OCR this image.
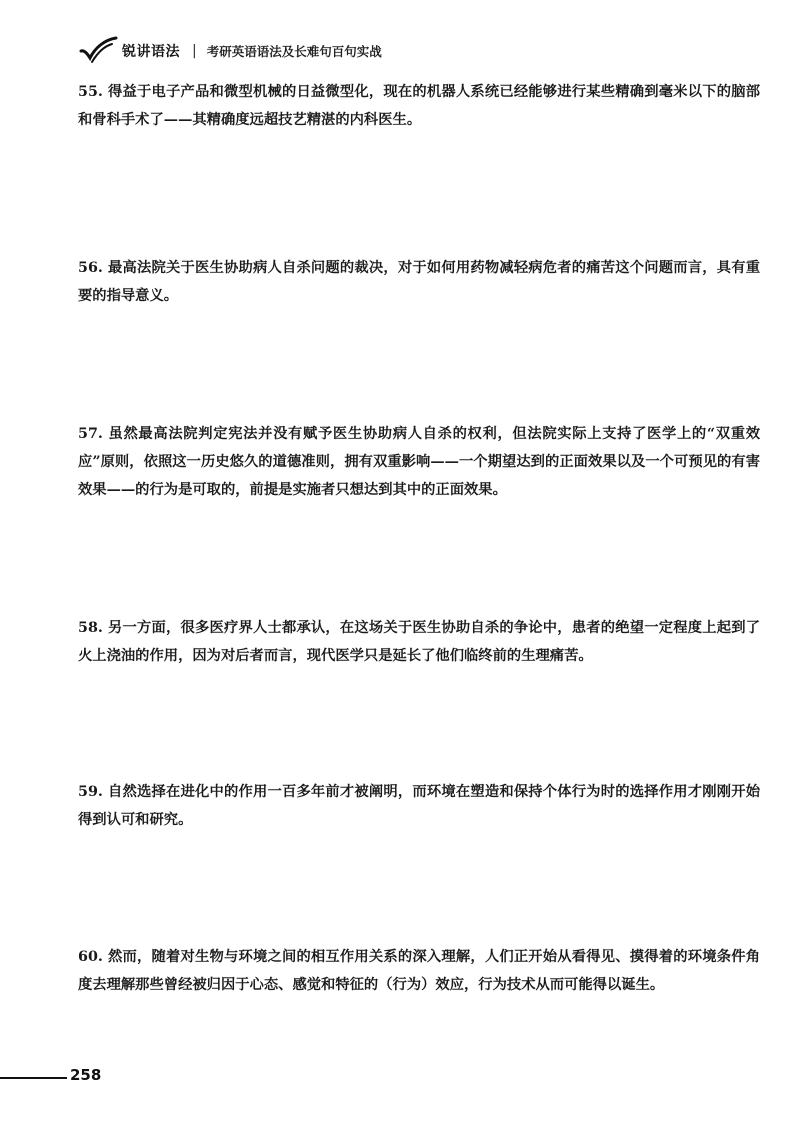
锐讲语法 | 考研英语语法及长难句百句实战

55. 得益于电子产品和微型机械的日益微型化，现在的机器人系统已经能够进行某些精确到毫米以下的脑部和骨科手术了——其精确度远超技艺精湛的内科医生。

56. 最高法院关于医生协助病人自杀问题的裁决，对于如何用药物减轻病危者的痛苦这个问题而言，具有重要的指导意义。

57. 虽然最高法院判定宪法并没有赋予医生协助病人自杀的权利，但法院实际上支持了医学上的“双重效应”原则，依照这一历史悠久的道德准则，拥有双重影响——一个期望达到的正面效果以及一个可预见的有害效果——的行为是可取的，前提是实施者只想达到其中的正面效果。

58. 另一方面，很多医疗界人士都承认，在这场关于医生协助自杀的争论中，患者的绝望一定程度上起到了火上浇油的作用，因为对后者而言，现代医学只是延长了他们临终前的生理痛苦。

59. 自然选择在进化中的作用一百多年前才被阐明，而环境在塑造和保持个体行为时的选择作用才刚刚开始得到认可和研究。

60. 然而，随着对生物与环境之间的相互作用关系的深入理解，人们正开始从看得见、摸得着的环境条件角度去理解那些曾经被归因于心态、感觉和特征的（行为）效应，行为技术从而可能得以诞生。

258
